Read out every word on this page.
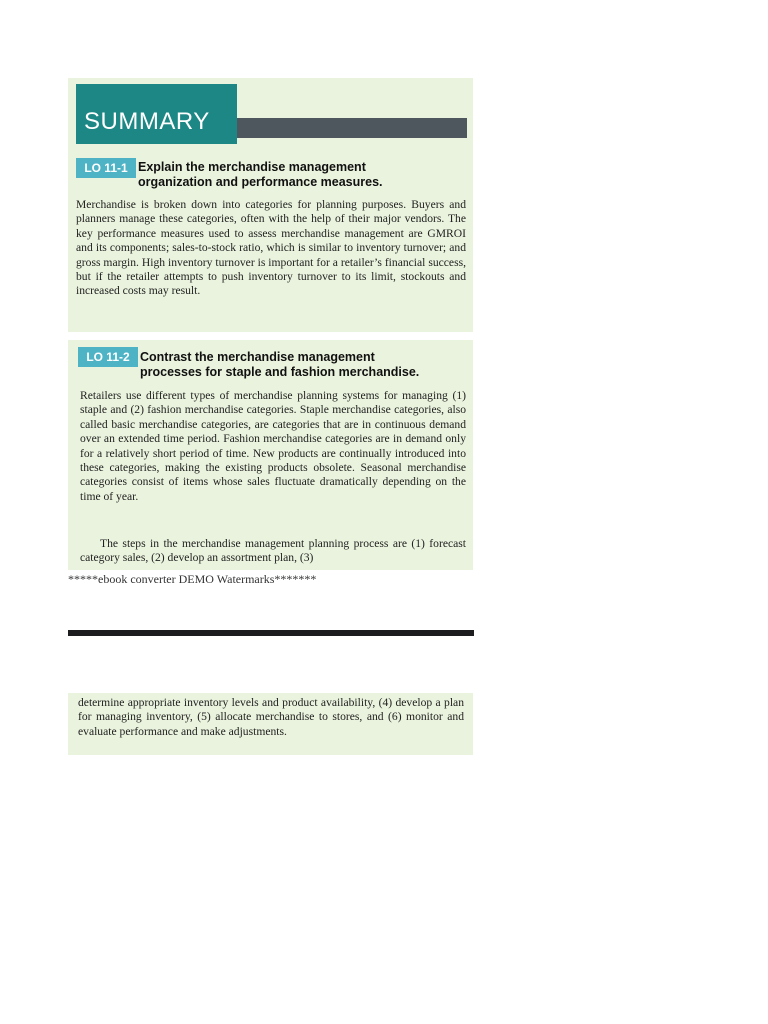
SUMMARY
LO 11-1 Explain the merchandise management
organization and performance measures.

Merchandise is broken down into categories for planning purposes. Buyers and planners manage these categories, often with the help of their major vendors. The key performance measures used to assess merchandise management are GMROI and its components; sales-to-stock ratio, which is similar to inventory turnover; and gross margin. High inventory turnover is important for a retailer’s financial success, but if the retailer attempts to push inventory turnover to its limit, stockouts and increased costs may result.

LO 11-2 Contrast the merchandise management
processes for staple and fashion merchandise.

Retailers use different types of merchandise planning systems for managing (1) staple and (2) fashion merchandise categories. Staple merchandise categories, also called basic merchandise categories, are categories that are in continuous demand over an extended time period. Fashion merchandise categories are in demand only for a relatively short period of time. New products are continually introduced into these categories, making the existing products obsolete. Seasonal merchandise categories consist of items whose sales fluctuate dramatically depending on the time of year.

The steps in the merchandise management planning process are (1) forecast category sales, (2) develop an assortment plan, (3)

*****ebook converter DEMO Watermarks*******

determine appropriate inventory levels and product availability, (4) develop a plan for managing inventory, (5) allocate merchandise to stores, and (6) monitor and evaluate performance and make adjustments.
